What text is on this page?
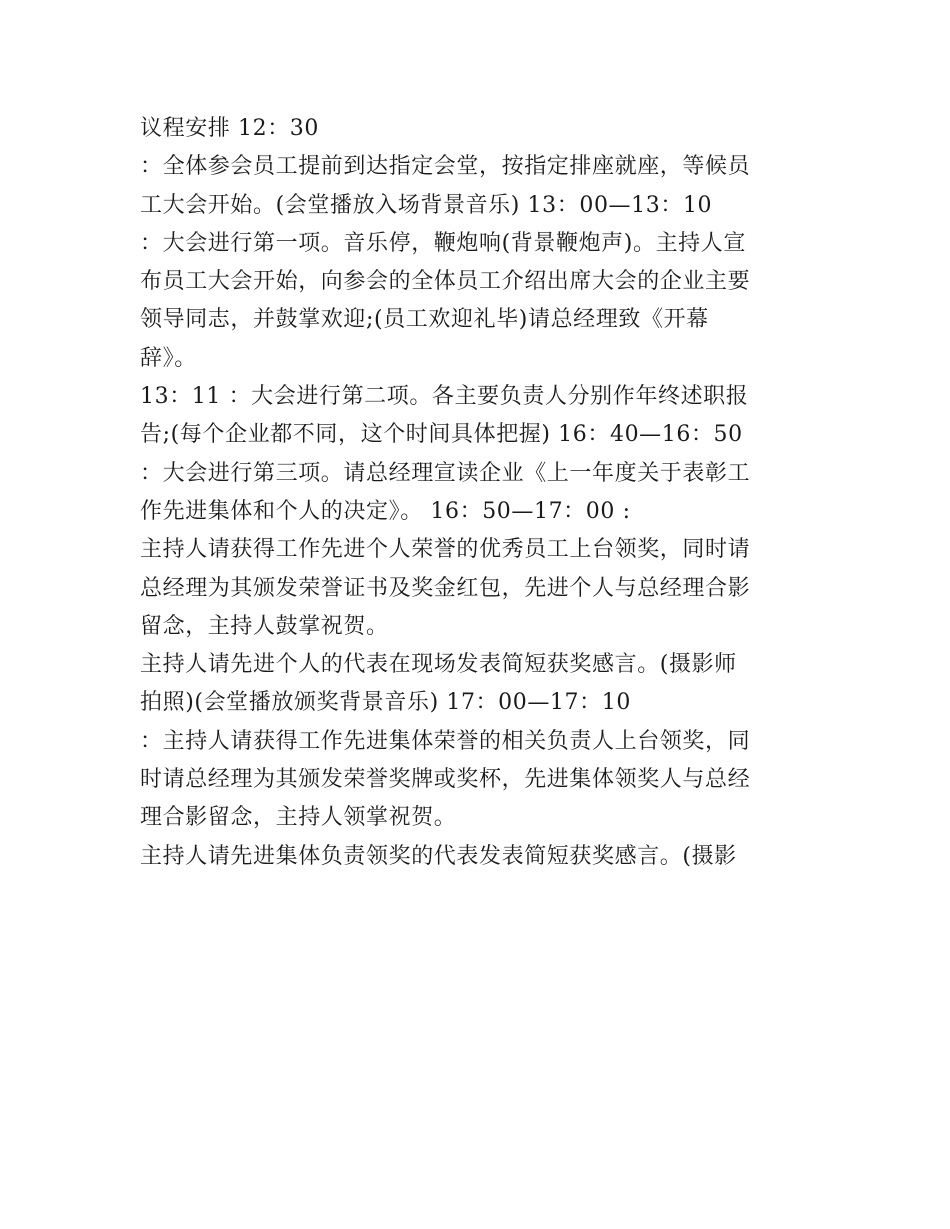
议程安排 12：30
：全体参会员工提前到达指定会堂，按指定排座就座，等候员
工大会开始。(会堂播放入场背景音乐) 13：00—13：10
：大会进行第一项。音乐停，鞭炮响(背景鞭炮声)。主持人宣
布员工大会开始，向参会的全体员工介绍出席大会的企业主要
领导同志，并鼓掌欢迎;(员工欢迎礼毕)请总经理致《开幕
辞》。
13：11 ：大会进行第二项。各主要负责人分别作年终述职报
告;(每个企业都不同，这个时间具体把握) 16：40—16：50
：大会进行第三项。请总经理宣读企业《上一年度关于表彰工
作先进集体和个人的决定》。 16：50—17：00 :
主持人请获得工作先进个人荣誉的优秀员工上台领奖，同时请
总经理为其颁发荣誉证书及奖金红包，先进个人与总经理合影
留念，主持人鼓掌祝贺。
主持人请先进个人的代表在现场发表简短获奖感言。(摄影师
拍照)(会堂播放颁奖背景音乐) 17：00—17：10
：主持人请获得工作先进集体荣誉的相关负责人上台领奖，同
时请总经理为其颁发荣誉奖牌或奖杯，先进集体领奖人与总经
理合影留念，主持人领掌祝贺。
主持人请先进集体负责领奖的代表发表简短获奖感言。(摄影
